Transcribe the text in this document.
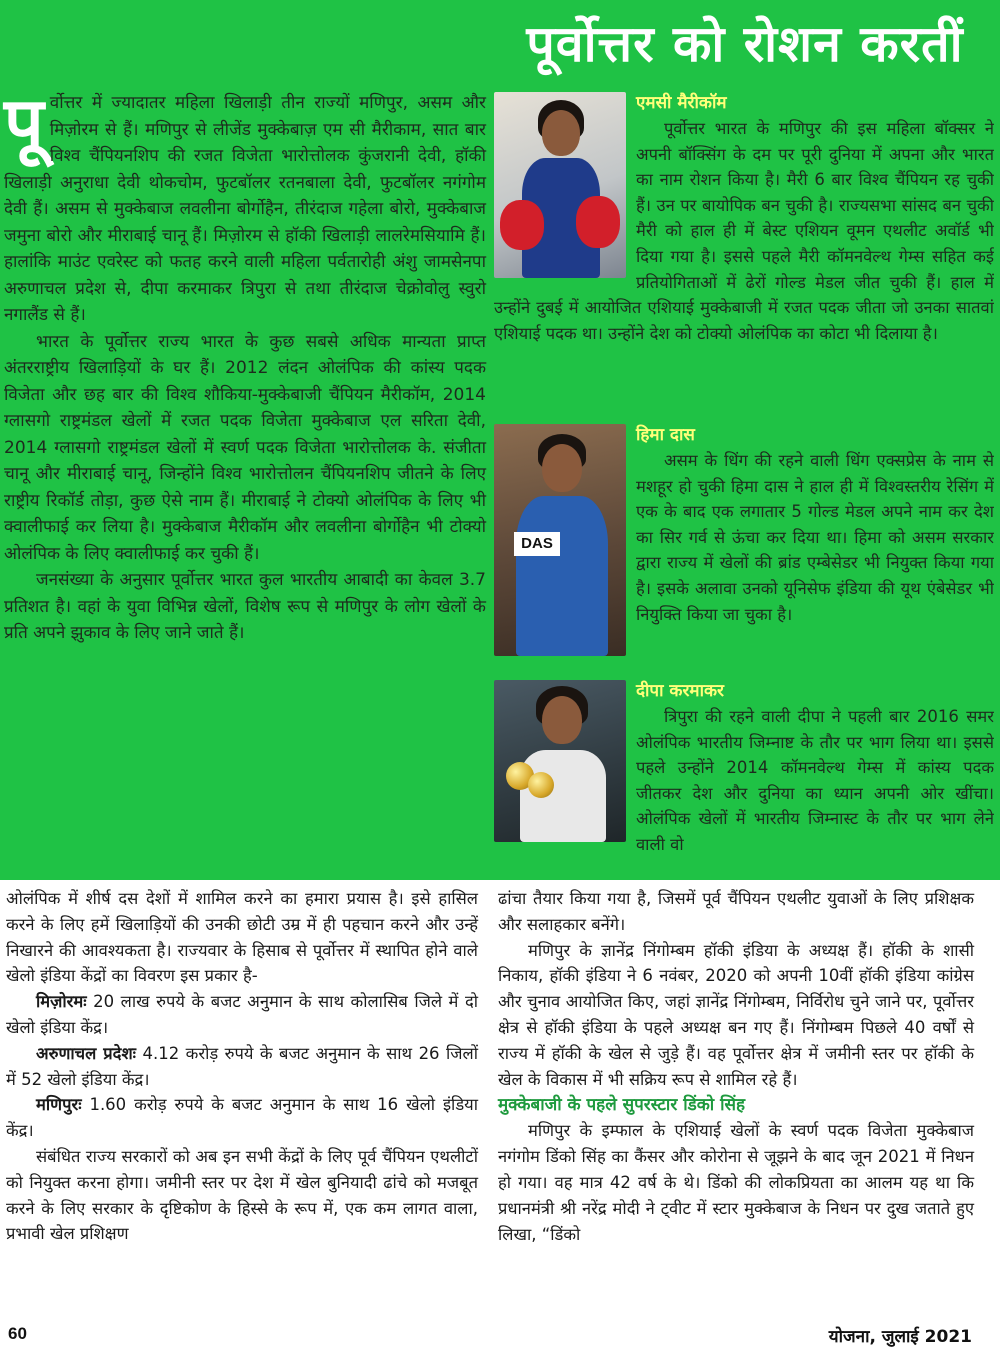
पूर्वोत्तर को रोशन करतीं

पूर्वोत्तर में ज्यादातर महिला खिलाड़ी तीन राज्यों मणिपुर, असम और मिज़ोरम से हैं। मणिपुर से लीजेंड मुक्केबाज़ एम सी मैरीकाम, सात बार विश्व चैंपियनशिप की रजत विजेता भारोत्तोलक कुंजरानी देवी, हॉकी खिलाड़ी अनुराधा देवी थोकचोम, फुटबॉलर रतनबाला देवी, फुटबॉलर नगंगोम देवी हैं। असम से मुक्केबाज लवलीना बोर्गोहैन, तीरंदाज गहेला बोरो, मुक्केबाज जमुना बोरो और मीराबाई चानू हैं। मिज़ोरम से हॉकी खिलाड़ी लालरेमसियामि हैं। हालांकि माउंट एवरेस्ट को फतह करने वाली महिला पर्वतारोही अंशु जामसेनपा अरुणाचल प्रदेश से, दीपा करमाकर त्रिपुरा से तथा तीरंदाज चेक्रोवोलु स्वुरो नगालैंड से हैं।

भारत के पूर्वोत्तर राज्य भारत के कुछ सबसे अधिक मान्यता प्राप्त अंतरराष्ट्रीय खिलाड़ियों के घर हैं। 2012 लंदन ओलंपिक की कांस्य पदक विजेता और छह बार की विश्व शौकिया-मुक्केबाजी चैंपियन मैरीकॉम, 2014 ग्लासगो राष्ट्रमंडल खेलों में रजत पदक विजेता मुक्केबाज एल सरिता देवी, 2014 ग्लासगो राष्ट्रमंडल खेलों में स्वर्ण पदक विजेता भारोत्तोलक के. संजीता चानू और मीराबाई चानू, जिन्होंने विश्व भारोत्तोलन चैंपियनशिप जीतने के लिए राष्ट्रीय रिकॉर्ड तोड़ा, कुछ ऐसे नाम हैं। मीराबाई ने टोक्यो ओलंपिक के लिए भी क्वालीफाई कर लिया है। मुक्केबाज मैरीकॉम और लवलीना बोर्गोहैन भी टोक्यो ओलंपिक के लिए क्वालीफाई कर चुकी हैं।

जनसंख्या के अनुसार पूर्वोत्तर भारत कुल भारतीय आबादी का केवल 3.7 प्रतिशत है। वहां के युवा विभिन्न खेलों, विशेष रूप से मणिपुर के लोग खेलों के प्रति अपने झुकाव के लिए जाने जाते हैं।

एमसी मैरीकॉम

पूर्वोत्तर भारत के मणिपुर की इस महिला बॉक्सर ने अपनी बॉक्सिंग के दम पर पूरी दुनिया में अपना और भारत का नाम रोशन किया है। मैरी 6 बार विश्व चैंपियन रह चुकी हैं। उन पर बायोपिक बन चुकी है। राज्यसभा सांसद बन चुकी मैरी को हाल ही में बेस्ट एशियन वूमन एथलीट अवॉर्ड भी दिया गया है। इससे पहले मैरी कॉमनवेल्थ गेम्स सहित कई प्रतियोगिताओं में ढेरों गोल्ड मेडल जीत चुकी हैं। हाल में उन्होंने दुबई में आयोजित एशियाई मुक्केबाजी में रजत पदक जीता जो उनका सातवां एशियाई पदक था। उन्होंने देश को टोक्यो ओलंपिक का कोटा भी दिलाया है।

DAS

हिमा दास

असम के धिंग की रहने वाली धिंग एक्सप्रेस के नाम से मशहूर हो चुकी हिमा दास ने हाल ही में विश्वस्तरीय रेसिंग में एक के बाद एक लगातार 5 गोल्ड मेडल अपने नाम कर देश का सिर गर्व से ऊंचा कर दिया था। हिमा को असम सरकार द्वारा राज्य में खेलों की ब्रांड एम्बेसेडर भी नियुक्त किया गया है। इसके अलावा उनको यूनिसेफ इंडिया की यूथ एंबेसेडर भी नियुक्ति किया जा चुका है।

दीपा करमाकर

त्रिपुरा की रहने वाली दीपा ने पहली बार 2016 समर ओलंपिक भारतीय जिम्नाष्ट के तौर पर भाग लिया था। इससे पहले उन्होंने 2014 कॉमनवेल्थ गेम्स में कांस्य पदक जीतकर देश और दुनिया का ध्यान अपनी ओर खींचा। ओलंपिक खेलों में भारतीय जिम्नास्ट के तौर पर भाग लेने वाली वो

ओलंपिक में शीर्ष दस देशों में शामिल करने का हमारा प्रयास है। इसे हासिल करने के लिए हमें खिलाड़ियों की उनकी छोटी उम्र में ही पहचान करने और उन्हें निखारने की आवश्यकता है। राज्यवार के हिसाब से पूर्वोत्तर में स्थापित होने वाले खेलो इंडिया केंद्रों का विवरण इस प्रकार है-

मिज़ोरमः 20 लाख रुपये के बजट अनुमान के साथ कोलासिब जिले में दो खेलो इंडिया केंद्र।

अरुणाचल प्रदेशः 4.12 करोड़ रुपये के बजट अनुमान के साथ 26 जिलों में 52 खेलो इंडिया केंद्र।

मणिपुरः 1.60 करोड़ रुपये के बजट अनुमान के साथ 16 खेलो इंडिया केंद्र।

संबंधित राज्य सरकारों को अब इन सभी केंद्रों के लिए पूर्व चैंपियन एथलीटों को नियुक्त करना होगा। जमीनी स्तर पर देश में खेल बुनियादी ढांचे को मजबूत करने के लिए सरकार के दृष्टिकोण के हिस्से के रूप में, एक कम लागत वाला, प्रभावी खेल प्रशिक्षण

ढांचा तैयार किया गया है, जिसमें पूर्व चैंपियन एथलीट युवाओं के लिए प्रशिक्षक और सलाहकार बनेंगे।

मणिपुर के ज्ञानेंद्र निंगोम्बम हॉकी इंडिया के अध्यक्ष हैं। हॉकी के शासी निकाय, हॉकी इंडिया ने 6 नवंबर, 2020 को अपनी 10वीं हॉकी इंडिया कांग्रेस और चुनाव आयोजित किए, जहां ज्ञानेंद्र निंगोम्बम, निर्विरोध चुने जाने पर, पूर्वोत्तर क्षेत्र से हॉकी इंडिया के पहले अध्यक्ष बन गए हैं। निंगोम्बम पिछले 40 वर्षों से राज्य में हॉकी के खेल से जुड़े हैं। वह पूर्वोत्तर क्षेत्र में जमीनी स्तर पर हॉकी के खेल के विकास में भी सक्रिय रूप से शामिल रहे हैं।

मुक्केबाजी के पहले सुपरस्टार डिंको सिंह

मणिपुर के इम्फाल के एशियाई खेलों के स्वर्ण पदक विजेता मुक्केबाज नगंगोम डिंको सिंह का कैंसर और कोरोना से जूझने के बाद जून 2021 में निधन हो गया। वह मात्र 42 वर्ष के थे। डिंको की लोकप्रियता का आलम यह था कि प्रधानमंत्री श्री नरेंद्र मोदी ने ट्वीट में स्टार मुक्केबाज के निधन पर दुख जताते हुए लिखा, “डिंको

60	योजना, जुलाई 2021
